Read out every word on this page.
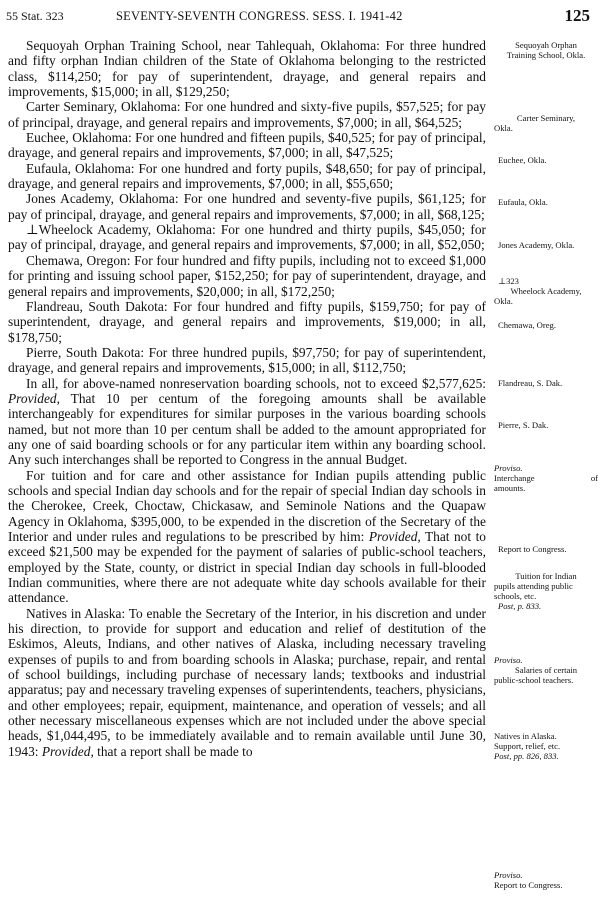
55 Stat. 323	SEVENTY-SEVENTH CONGRESS. SESS. I. 1941-42	125

Sequoyah Orphan Training School, near Tahlequah, Oklahoma: For three hundred and fifty orphan Indian children of the State of Oklahoma belonging to the restricted class, $114,250; for pay of superintendent, drayage, and general repairs and improvements, $15,000; in all, $129,250;

Carter Seminary, Oklahoma: For one hundred and sixty-five pupils, $57,525; for pay of principal, drayage, and general repairs and improvements, $7,000; in all, $64,525;

Euchee, Oklahoma: For one hundred and fifteen pupils, $40,525; for pay of principal, drayage, and general repairs and improvements, $7,000; in all, $47,525;

Eufaula, Oklahoma: For one hundred and forty pupils, $48,650; for pay of principal, drayage, and general repairs and improvements, $7,000; in all, $55,650;

Jones Academy, Oklahoma: For one hundred and seventy-five pupils, $61,125; for pay of principal, drayage, and general repairs and improvements, $7,000; in all, $68,125;

⊥Wheelock Academy, Oklahoma: For one hundred and thirty pupils, $45,050; for pay of principal, drayage, and general repairs and improvements, $7,000; in all, $52,050;

Chemawa, Oregon: For four hundred and fifty pupils, including not to exceed $1,000 for printing and issuing school paper, $152,250; for pay of superintendent, drayage, and general repairs and improvements, $20,000; in all, $172,250;

Flandreau, South Dakota: For four hundred and fifty pupils, $159,750; for pay of superintendent, drayage, and general repairs and improvements, $19,000; in all, $178,750;

Pierre, South Dakota: For three hundred pupils, $97,750; for pay of superintendent, drayage, and general repairs and improvements, $15,000; in all, $112,750;

In all, for above-named nonreservation boarding schools, not to exceed $2,577,625: Provided, That 10 per centum of the foregoing amounts shall be available interchangeably for expenditures for similar purposes in the various boarding schools named, but not more than 10 per centum shall be added to the amount appropriated for any one of said boarding schools or for any particular item within any boarding school. Any such interchanges shall be reported to Congress in the annual Budget.

For tuition and for care and other assistance for Indian pupils attending public schools and special Indian day schools and for the repair of special Indian day schools in the Cherokee, Creek, Choctaw, Chickasaw, and Seminole Nations and the Quapaw Agency in Oklahoma, $395,000, to be expended in the discretion of the Secretary of the Interior and under rules and regulations to be prescribed by him: Provided, That not to exceed $21,500 may be expended for the payment of salaries of public-school teachers, employed by the State, county, or district in special Indian day schools in full-blooded Indian communities, where there are not adequate white day schools available for their attendance.

Natives in Alaska: To enable the Secretary of the Interior, in his discretion and under his direction, to provide for support and education and relief of destitution of the Eskimos, Aleuts, Indians, and other natives of Alaska, including necessary traveling expenses of pupils to and from boarding schools in Alaska; purchase, repair, and rental of school buildings, including purchase of necessary lands; textbooks and industrial apparatus; pay and necessary traveling expenses of superintendents, teachers, physicians, and other employees; repair, equipment, maintenance, and operation of vessels; and all other necessary miscellaneous expenses which are not included under the above special heads, $1,044,495, to be immediately available and to remain available until June 30, 1943: Provided, that a report shall be made to

Sequoyah Orphan
Training School, Okla.
Carter Seminary,
Okla.
Euchee, Okla.
Eufaula, Okla.
Jones Academy, Okla.
⊥323
Wheelock Academy,
Okla.
Chemawa, Oreg.
Flandreau, S. Dak.
Pierre, S. Dak.
Proviso.
Interchange of
amounts.
Report to Congress.
Tuition for Indian
pupils attending public
schools, etc.
Post, p. 833.
Proviso.
Salaries of certain
public-school teachers.
Natives in Alaska.
Support, relief, etc.
Post, pp. 826, 833.
Proviso.
Report to Congress.
